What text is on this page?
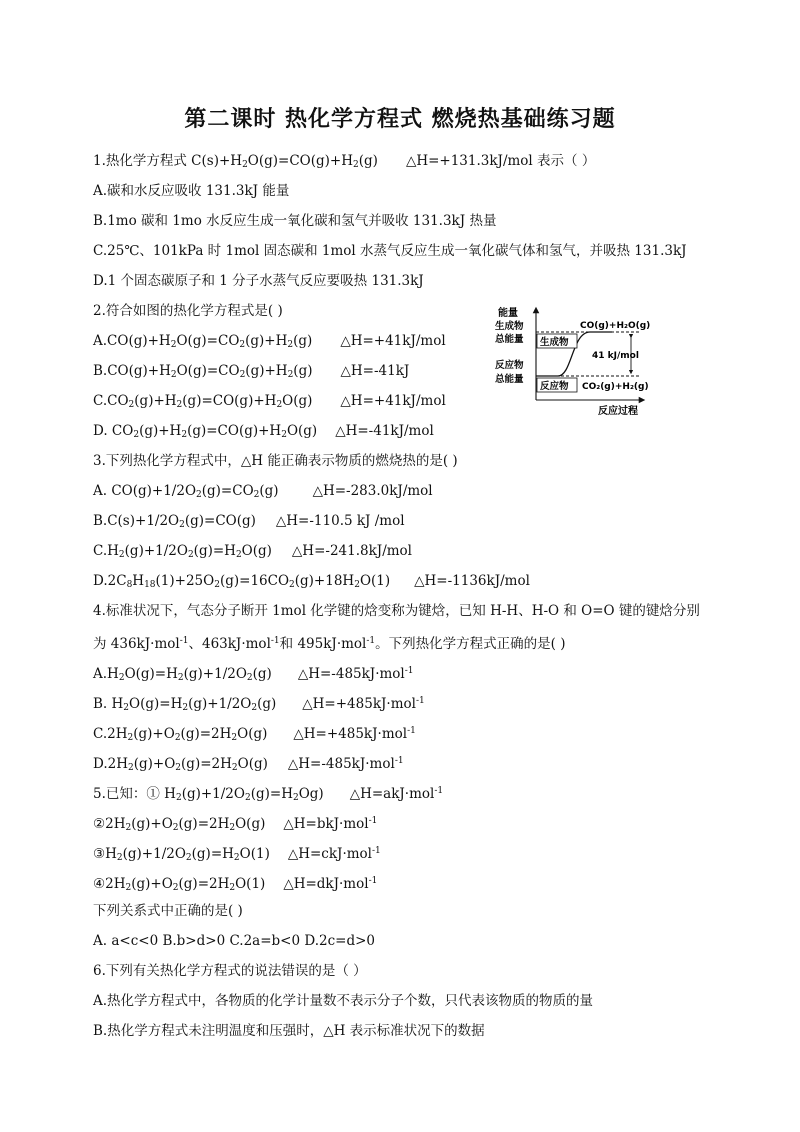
第二课时 热化学方程式 燃烧热基础练习题
1.热化学方程式 $C(s)+H_2O(g)=CO(g)+H_2(g)$ △H=+131.3kJ/mol 表示（ ）
A.碳和水反应吸收 131.3kJ 能量
B.1mo 碳和 1mo 水反应生成一氧化碳和氢气并吸收 131.3kJ 热量
C.25℃、101kPa 时 1mol 固态碳和 1mol 水蒸气反应生成一氧化碳气体和氢气，并吸热 131.3kJ
D.1 个固态碳原子和 1 分子水蒸气反应要吸热 131.3kJ
2.符合如图的热化学方程式是( )
$A.CO(g)+H_2O(g)=CO_2(g)+H_2(g)$ △H=+41kJ/mol
$B.CO(g)+H_2O(g)=CO_2(g)+H_2(g)$ △H=-41kJ
$C.CO_2(g)+H_2(g)=CO(g)+H_2O(g)$ △H=+41kJ/mol
D. $CO_2(g)+H_2(g)=CO(g)+H_2O(g)$ △H=-41kJ/mol
能量
反应过程
生成物
总能量
反应物
总能量
生成物
反应物
CO(g)+H₂O(g)
CO₂(g)+H₂(g)
41 kJ/mol
3.下列热化学方程式中，△H 能正确表示物质的燃烧热的是( )
A. $CO(g)+1/2O_2(g)=CO_2(g)$	△H=-283.0kJ/mol
$B.C(s)+1/2O_2(g)=CO(g)$ △H=-110.5 kJ /mol
$C.H_2(g)+1/2O_2(g)=H_2O(g)$ △H=-241.8kJ/mol
$D.2C_8H_{18}(1)+25O_2(g)=16CO_2(g)+18H_2O(1)$ △H=-1136kJ/mol
4.标准状况下，气态分子断开 1mol 化学键的焓变称为键焓，已知 H-H、H-O 和 O=O 键的键焓分别
为 436kJ·mol$^{-1}$、463kJ·mol$^{-1}$和 495kJ·mol$^{-1}$。下列热化学方程式正确的是( )
$A.H_2O(g)=H_2(g)+1/2O_2(g)$ △H=-485kJ·mol$^{-1}$
B. $H_2O(g)=H_2(g)+1/2O_2(g)$ △H=+485kJ·mol$^{-1}$
$C.2H_2(g)+O_2(g)=2H_2O(g)$ △H=+485kJ·mol$^{-1}$
$D.2H_2(g)+O_2(g)=2H_2O(g)$ △H=-485kJ·mol$^{-1}$
5.已知：① $H_2(g)+1/2O_2(g)=H_2Og$) △H=akJ·mol$^{-1}$
$②2H_2(g)+O_2(g)=2H_2O(g)$ △H=bkJ·mol$^{-1}$
$③H_2(g)+1/2O_2(g)=H_2O(1)$ △H=ckJ·mol$^{-1}$
$④2H_2(g)+O_2(g)=2H_2O(1)$ △H=dkJ·mol$^{-1}$
下列关系式中正确的是( )
A. a<c<0 B.b>d>0 C.2a=b<0 D.2c=d>0
6.下列有关热化学方程式的说法错误的是（ ）
A.热化学方程式中，各物质的化学计量数不表示分子个数，只代表该物质的物质的量
B.热化学方程式未注明温度和压强时，△H 表示标准状况下的数据
